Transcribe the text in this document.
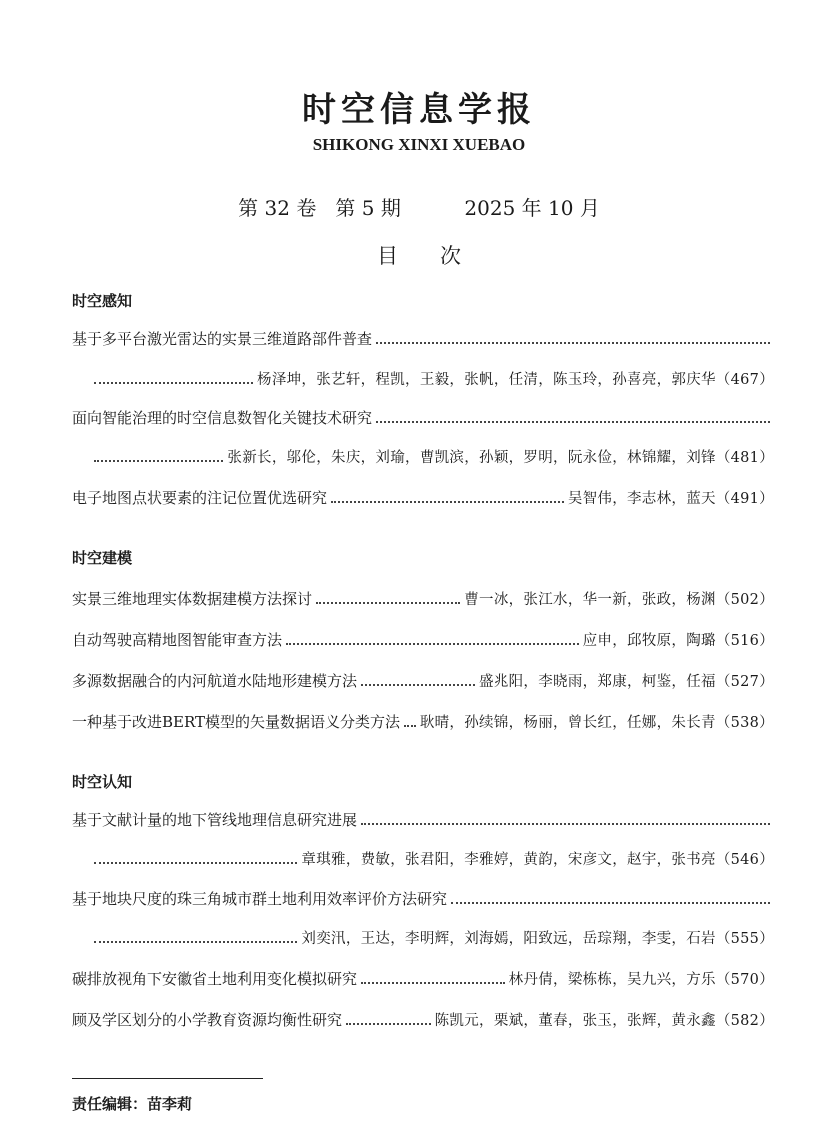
时空信息学报
SHIKONG XINXI XUEBAO
第 32 卷   第 5 期          2025 年 10 月
目次
时空感知
基于多平台激光雷达的实景三维道路部件普查
杨泽坤，张艺轩，程凯，王毅，张帆，任清，陈玉玲，孙喜亮，郭庆华（467）
面向智能治理的时空信息数智化关键技术研究
张新长，邬伦，朱庆，刘瑜，曹凯滨，孙颖，罗明，阮永俭，林锦耀，刘锋（481）
电子地图点状要素的注记位置优选研究	吴智伟，李志林，蓝天（491）
时空建模
实景三维地理实体数据建模方法探讨	曹一冰，张江水，华一新，张政，杨渊（502）
自动驾驶高精地图智能审查方法	应申，邱牧原，陶璐（516）
多源数据融合的内河航道水陆地形建模方法	盛兆阳，李晓雨，郑康，柯鉴，任福（527）
一种基于改进BERT模型的矢量数据语义分类方法 耿晴，孙续锦，杨丽，曾长红，任娜，朱长青（538）
时空认知
基于文献计量的地下管线地理信息研究进展
章琪雅，费敏，张君阳，李雅婷，黄韵，宋彦文，赵宇，张书亮（546）
基于地块尺度的珠三角城市群土地利用效率评价方法研究
刘奕汛，王达，李明辉，刘海嫣，阳致远，岳琮翔，李雯，石岩（555）
碳排放视角下安徽省土地利用变化模拟研究	林丹倩，梁栋栋，吴九兴，方乐（570）
顾及学区划分的小学教育资源均衡性研究	陈凯元，栗斌，董春，张玉，张辉，黄永鑫（582）
责任编辑：苗李莉
